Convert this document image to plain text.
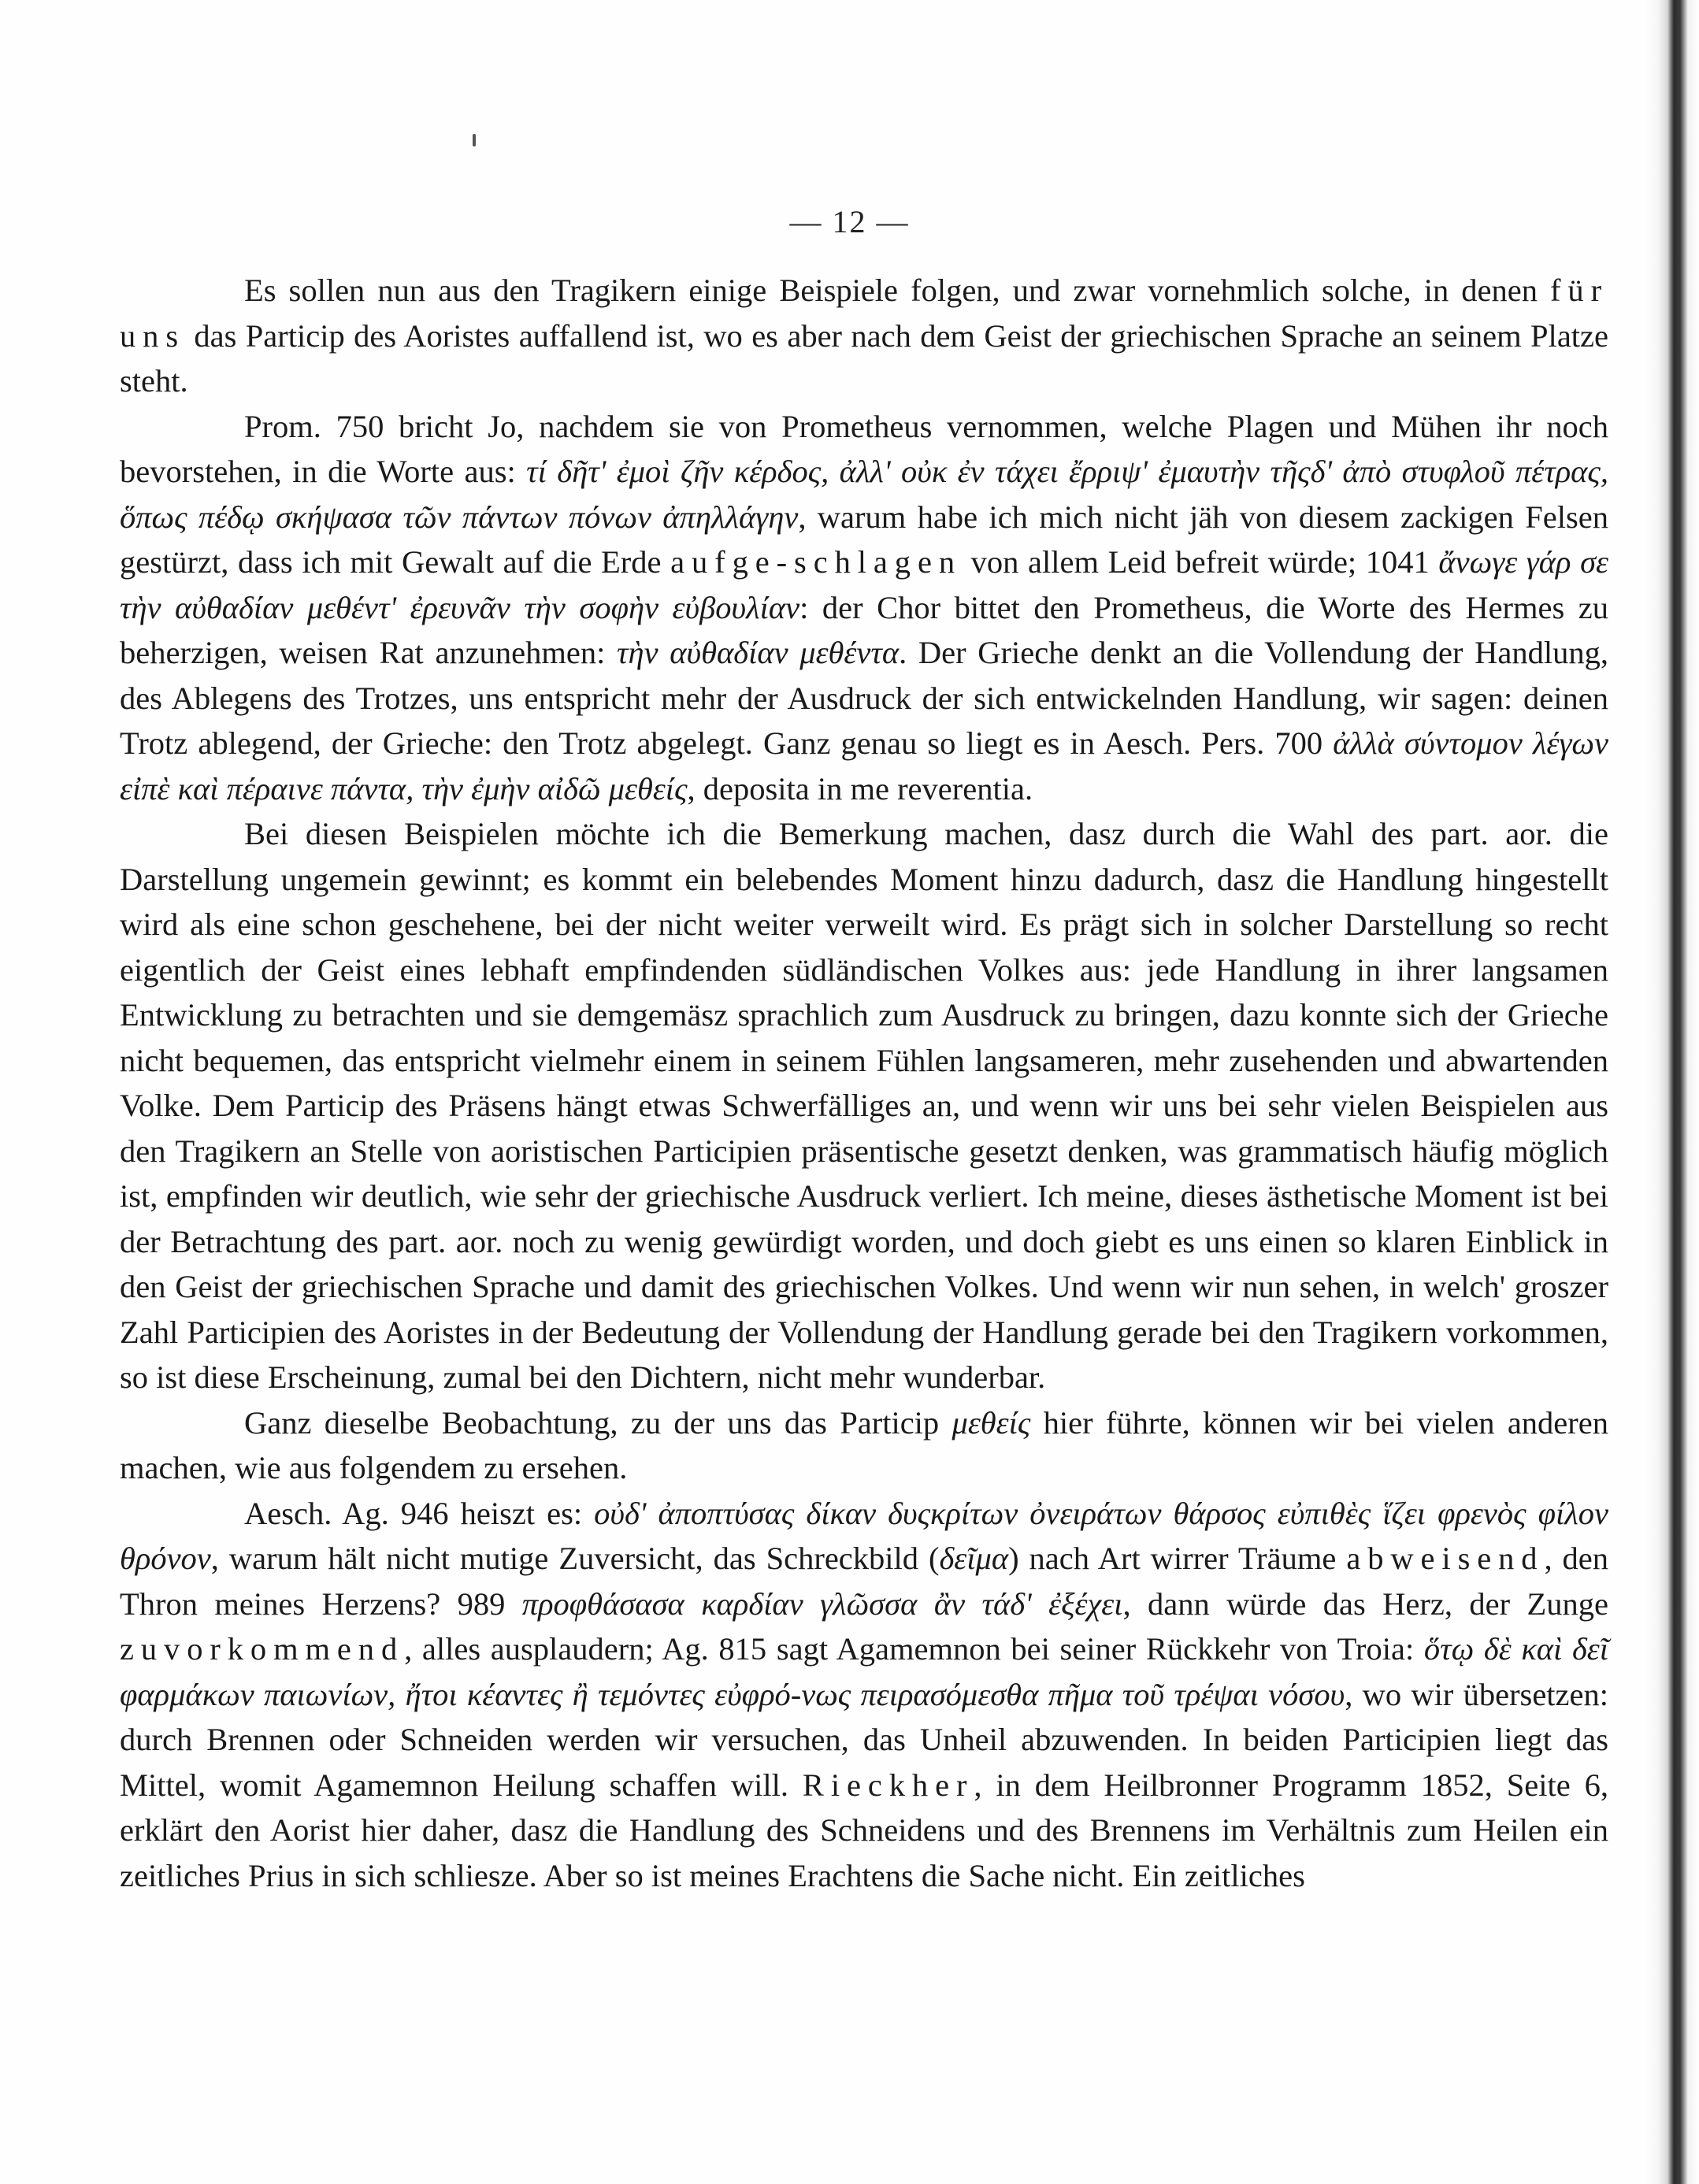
— 12 —

Es sollen nun aus den Tragikern einige Beispiele folgen, und zwar vornehmlich solche, in denen für uns das Particip des Aoristes auffallend ist, wo es aber nach dem Geist der griechischen Sprache an seinem Platze steht.

Prom. 750 bricht Jo, nachdem sie von Prometheus vernommen, welche Plagen und Mühen ihr noch bevorstehen, in die Worte aus: τί δῆτ' ἐμοὶ ζῆν κέρδος, ἀλλ' οὐκ ἐν τάχει ἔρριψ' ἐμαυτὴν τῆςδ' ἀπὸ στυφλοῦ πέτρας, ὅπως πέδῳ σκήψασα τῶν πάντων πόνων ἀπηλλάγην, warum habe ich mich nicht jäh von diesem zackigen Felsen gestürzt, dass ich mit Gewalt auf die Erde aufge-schlagen von allem Leid befreit würde; 1041 ἄνωγε γάρ σε τὴν αὐθαδίαν μεθέντ' ἐρευνᾶν τὴν σοφὴν εὐβουλίαν: der Chor bittet den Prometheus, die Worte des Hermes zu beherzigen, weisen Rat anzunehmen: τὴν αὐθαδίαν μεθέντα. Der Grieche denkt an die Vollendung der Handlung, des Ablegens des Trotzes, uns entspricht mehr der Ausdruck der sich entwickelnden Handlung, wir sagen: deinen Trotz ablegend, der Grieche: den Trotz abgelegt. Ganz genau so liegt es in Aesch. Pers. 700 ἀλλὰ σύντομον λέγων εἰπὲ καὶ πέραινε πάντα, τὴν ἐμὴν αἰδῶ μεθείς, deposita in me reverentia.

Bei diesen Beispielen möchte ich die Bemerkung machen, dasz durch die Wahl des part. aor. die Darstellung ungemein gewinnt; es kommt ein belebendes Moment hinzu dadurch, dasz die Handlung hingestellt wird als eine schon geschehene, bei der nicht weiter verweilt wird. Es prägt sich in solcher Darstellung so recht eigentlich der Geist eines lebhaft empfindenden südländischen Volkes aus: jede Handlung in ihrer langsamen Entwicklung zu betrachten und sie demgemäsz sprachlich zum Ausdruck zu bringen, dazu konnte sich der Grieche nicht bequemen, das entspricht vielmehr einem in seinem Fühlen langsameren, mehr zusehenden und abwartenden Volke. Dem Particip des Präsens hängt etwas Schwerfälliges an, und wenn wir uns bei sehr vielen Beispielen aus den Tragikern an Stelle von aoristischen Participien präsentische gesetzt denken, was grammatisch häufig möglich ist, empfinden wir deutlich, wie sehr der griechische Ausdruck verliert. Ich meine, dieses ästhetische Moment ist bei der Betrachtung des part. aor. noch zu wenig gewürdigt worden, und doch giebt es uns einen so klaren Einblick in den Geist der griechischen Sprache und damit des griechischen Volkes. Und wenn wir nun sehen, in welch' groszer Zahl Participien des Aoristes in der Bedeutung der Vollendung der Handlung gerade bei den Tragikern vorkommen, so ist diese Erscheinung, zumal bei den Dichtern, nicht mehr wunderbar.

Ganz dieselbe Beobachtung, zu der uns das Particip μεθείς hier führte, können wir bei vielen anderen machen, wie aus folgendem zu ersehen.

Aesch. Ag. 946 heiszt es: οὐδ' ἀποπτύσας δίκαν δυςκρίτων ὀνειράτων θάρσος εὐπιθὲς ἵζει φρενὸς φίλον θρόνον, warum hält nicht mutige Zuversicht, das Schreckbild (δεῖμα) nach Art wirrer Träume abweisend, den Thron meines Herzens? 989 προφθάσασα καρδίαν γλῶσσα ἂν τάδ' ἐξέχει, dann würde das Herz, der Zunge zuvorkommend, alles ausplaudern; Ag. 815 sagt Agamemnon bei seiner Rückkehr von Troia: ὅτῳ δὲ καὶ δεῖ φαρμάκων παιωνίων, ἤτοι κέαντες ἢ τεμόντες εὐφρό-νως πειρασόμεσθα πῆμα τοῦ τρέψαι νόσου, wo wir übersetzen: durch Brennen oder Schneiden werden wir versuchen, das Unheil abzuwenden. In beiden Participien liegt das Mittel, womit Agamemnon Heilung schaffen will. Rieckher, in dem Heilbronner Programm 1852, Seite 6, erklärt den Aorist hier daher, dasz die Handlung des Schneidens und des Brennens im Verhältnis zum Heilen ein zeitliches Prius in sich schliesze. Aber so ist meines Erachtens die Sache nicht. Ein zeitliches
